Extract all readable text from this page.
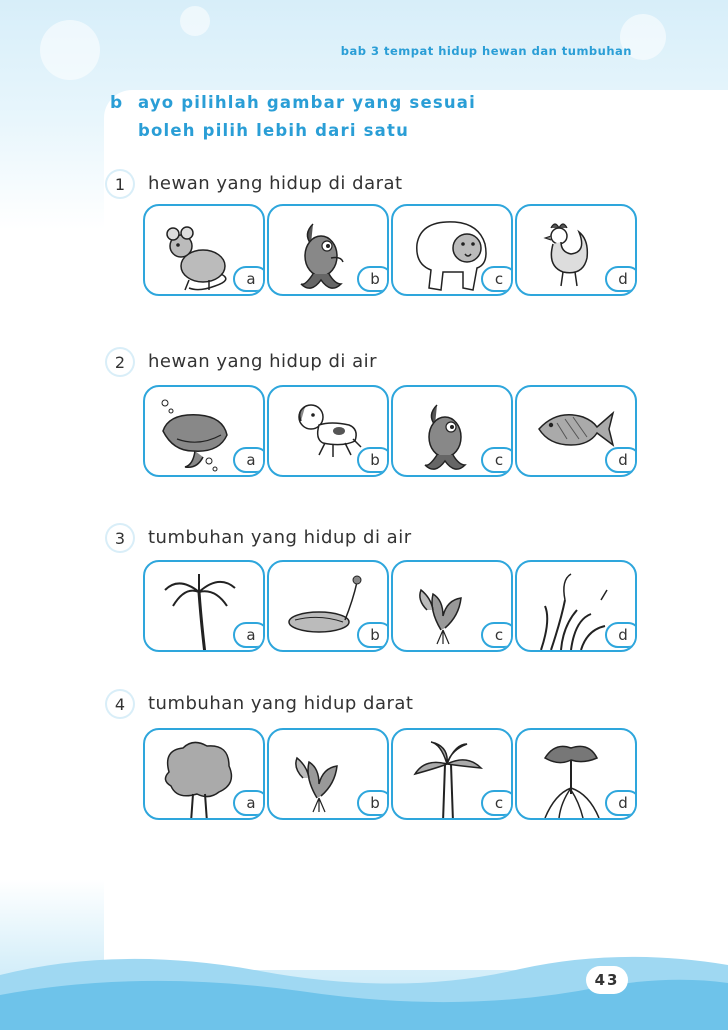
bab 3 tempat hidup hewan dan tumbuhan
b ayo pilihlah gambar yang sesuai
boleh pilih lebih dari satu
1	hewan yang hidup di darat
a	b	c	d
2	hewan yang hidup di air
a	b	c	d
3	tumbuhan yang hidup di air
a	b	c	d
4	tumbuhan yang hidup darat
a	b	c	d
43
